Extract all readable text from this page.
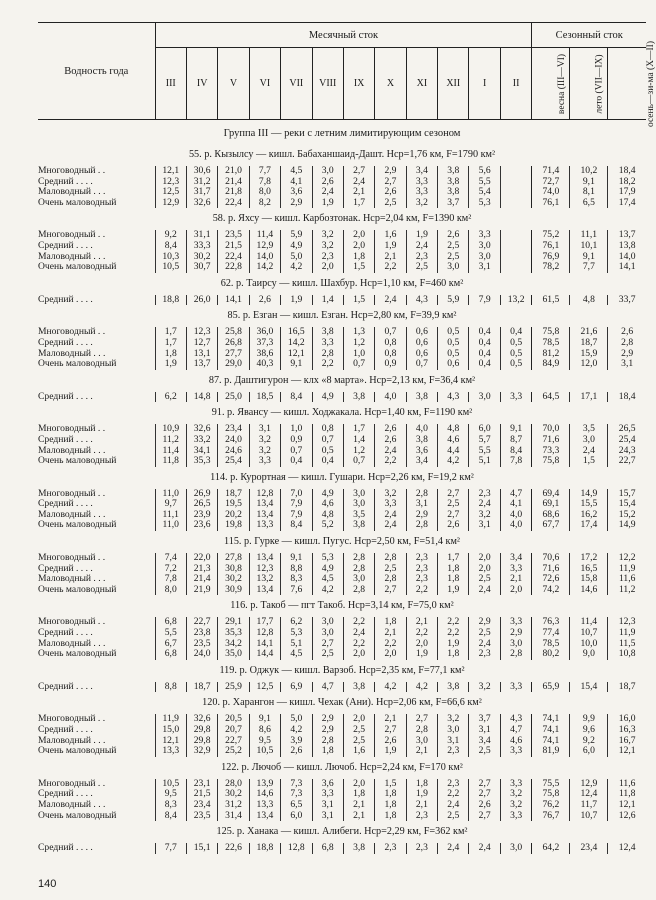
Водность года	Месячный сток												Сезонный сток		
	III	IV	V	VI	VII	VIII	IX	X	XI	XII	I	II	весна (III—VI)	лето (VII—IX)	осень—зи-ма (X—II)
Группа III — реки с летним лимитирующим сезоном															
55. р. Кызылсу — кишл. Бабаханшаид-Дашт. Нср=1,76 км, F=1790 км²															
Многоводный . .	12,1	30,6	21,0	7,7	4,5	3,0	2,7	2,9	3,4	3,8	5,6		71,4	10,2	18,4
Средний . . . .	12,3	31,2	21,4	7,8	4,1	2,6	2,4	2,7	3,3	3,8	5,5		72,7	9,1	18,2
Маловодный . . .	12,5	31,7	21,8	8,0	3,6	2,4	2,1	2,6	3,3	3,8	5,4		74,0	8,1	17,9
Очень маловодный	12,9	32,6	22,4	8,2	2,9	1,9	1,7	2,5	3,2	3,7	5,3		76,1	6,5	17,4
58. р. Яхсу — кишл. Карбозтонак. Нср=2,04 км, F=1390 км²															
Многоводный . .	9,2	31,1	23,5	11,4	5,9	3,2	2,0	1,6	1,9	2,6	3,3		75,2	11,1	13,7
Средний . . . .	8,4	33,3	21,5	12,9	4,9	3,2	2,0	1,9	2,4	2,5	3,0		76,1	10,1	13,8
Маловодный . . .	10,3	30,2	22,4	14,0	5,0	2,3	1,8	2,1	2,3	2,5	3,0		76,9	9,1	14,0
Очень маловодный	10,5	30,7	22,8	14,2	4,2	2,0	1,5	2,2	2,5	3,0	3,1		78,2	7,7	14,1
62. р. Таирсу — кишл. Шахбур. Нср=1,10 км, F=460 км²															
Средний . . . .	18,8	26,0	14,1	2,6	1,9	1,4	1,5	2,4	4,3	5,9	7,9	13,2	61,5	4,8	33,7
85. р. Езган — кишл. Езган. Нср=2,80 км, F=39,9 км²															
Многоводный . .	1,7	12,3	25,8	36,0	16,5	3,8	1,3	0,7	0,6	0,5	0,4	0,4	75,8	21,6	2,6
Средний . . . .	1,7	12,7	26,8	37,3	14,2	3,3	1,2	0,8	0,6	0,5	0,4	0,5	78,5	18,7	2,8
Маловодный . . .	1,8	13,1	27,7	38,6	12,1	2,8	1,0	0,8	0,6	0,5	0,4	0,5	81,2	15,9	2,9
Очень маловодный	1,9	13,7	29,0	40,3	9,1	2,2	0,7	0,9	0,7	0,6	0,4	0,5	84,9	12,0	3,1
87. р. Даштигурон — клх «8 марта». Нср=2,13 км, F=36,4 км²															
Средний . . . .	6,2	14,8	25,0	18,5	8,4	4,9	3,8	4,0	3,8	4,3	3,0	3,3	64,5	17,1	18,4
91. р. Явансу — кишл. Ходжакала. Нср=1,40 км, F=1190 км²															
Многоводный . .	10,9	32,6	23,4	3,1	1,0	0,8	1,7	2,6	4,0	4,8	6,0	9,1	70,0	3,5	26,5
Средний . . . .	11,2	33,2	24,0	3,2	0,9	0,7	1,4	2,6	3,8	4,6	5,7	8,7	71,6	3,0	25,4
Маловодный . . .	11,4	34,1	24,6	3,2	0,7	0,5	1,2	2,4	3,6	4,4	5,5	8,4	73,3	2,4	24,3
Очень маловодный	11,8	35,3	25,4	3,3	0,4	0,4	0,7	2,2	3,4	4,2	5,1	7,8	75,8	1,5	22,7
114. р. Курортная — кишл. Гушари. Нср=2,26 км, F=19,2 км²															
Многоводный . .	11,0	26,9	18,7	12,8	7,0	4,9	3,0	3,2	2,8	2,7	2,3	4,7	69,4	14,9	15,7
Средний . . . .	9,7	26,5	19,5	13,4	7,9	4,6	3,0	3,3	3,1	2,5	2,4	4,1	69,1	15,5	15,4
Маловодный . . .	11,1	23,9	20,2	13,4	7,9	4,8	3,5	2,4	2,9	2,7	3,2	4,0	68,6	16,2	15,2
Очень маловодный	11,0	23,6	19,8	13,3	8,4	5,2	3,8	2,4	2,8	2,6	3,1	4,0	67,7	17,4	14,9
115. р. Гурке — кишл. Пугус. Нср=2,50 км, F=51,4 км²															
Многоводный . .	7,4	22,0	27,8	13,4	9,1	5,3	2,8	2,8	2,3	1,7	2,0	3,4	70,6	17,2	12,2
Средний . . . .	7,2	21,3	30,8	12,3	8,8	4,9	2,8	2,5	2,3	1,8	2,0	3,3	71,6	16,5	11,9
Маловодный . . .	7,8	21,4	30,2	13,2	8,3	4,5	3,0	2,8	2,3	1,8	2,5	2,1	72,6	15,8	11,6
Очень маловодный	8,0	21,9	30,9	13,4	7,6	4,2	2,8	2,7	2,2	1,9	2,4	2,0	74,2	14,6	11,2
116. р. Такоб — пгт Такоб. Нср=3,14 км, F=75,0 км²															
Многоводный . .	6,8	22,7	29,1	17,7	6,2	3,0	2,2	1,8	2,1	2,2	2,9	3,3	76,3	11,4	12,3
Средний . . . .	5,5	23,8	35,3	12,8	5,3	3,0	2,4	2,1	2,2	2,2	2,5	2,9	77,4	10,7	11,9
Маловодный . . .	6,7	23,5	34,2	14,1	5,1	2,7	2,2	2,2	2,0	1,9	2,4	3,0	78,5	10,0	11,5
Очень маловодный	6,8	24,0	35,0	14,4	4,5	2,5	2,0	2,0	1,9	1,8	2,3	2,8	80,2	9,0	10,8
119. р. Оджук — кишл. Варзоб. Нср=2,35 км, F=77,1 км²															
Средний . . . .	8,8	18,7	25,9	12,5	6,9	4,7	3,8	4,2	4,2	3,8	3,2	3,3	65,9	15,4	18,7
120. р. Харангон — кишл. Чехак (Ани). Нср=2,06 км, F=66,6 км²															
Многоводный . .	11,9	32,6	20,5	9,1	5,0	2,9	2,0	2,1	2,7	3,2	3,7	4,3	74,1	9,9	16,0
Средний . . . .	15,0	29,8	20,7	8,6	4,2	2,9	2,5	2,7	2,8	3,0	3,1	4,7	74,1	9,6	16,3
Маловодный . . .	12,1	29,8	22,7	9,5	3,9	2,8	2,5	2,6	3,0	3,1	3,4	4,6	74,1	9,2	16,7
Очень маловодный	13,3	32,9	25,2	10,5	2,6	1,8	1,6	1,9	2,1	2,3	2,5	3,3	81,9	6,0	12,1
122. р. Лючоб — кишл. Лючоб. Нср=2,24 км, F=170 км²															
Многоводный . .	10,5	23,1	28,0	13,9	7,3	3,6	2,0	1,5	1,8	2,3	2,7	3,3	75,5	12,9	11,6
Средний . . . .	9,5	21,5	30,2	14,6	7,3	3,3	1,8	1,8	1,9	2,2	2,7	3,2	75,8	12,4	11,8
Маловодный . . .	8,3	23,4	31,2	13,3	6,5	3,1	2,1	1,8	2,1	2,4	2,6	3,2	76,2	11,7	12,1
Очень маловодный	8,4	23,5	31,4	13,4	6,0	3,1	2,1	1,8	2,3	2,5	2,7	3,3	76,7	10,7	12,6
125. р. Ханака — кишл. Алибеги. Нср=2,29 км, F=362 км²															
Средний . . . .	7,7	15,1	22,6	18,8	12,8	6,8	3,8	2,3	2,3	2,4	2,4	3,0	64,2	23,4	12,4
140
